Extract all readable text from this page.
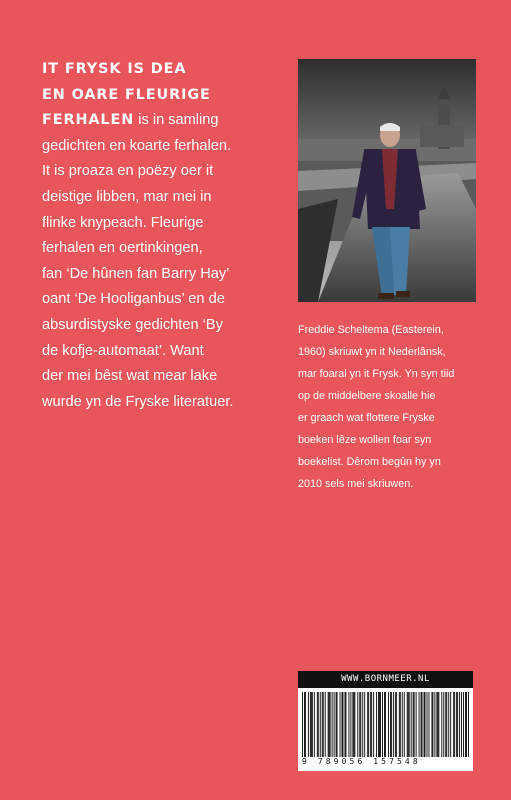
IT FRYSK IS DEA
EN OARE FLEURIGE
FERHALEN is in samling
gedichten en koarte ferhalen.
It is proaza en poëzy oer it
deistige libben, mar mei in
flinke knypeach. Fleurige
ferhalen en oertinkingen,
fan ‘De hûnen fan Barry Hay’
oant ‘De Hooliganbus’ en de
absurdistyske gedichten ‘By
de kofje-automaat’. Want
der mei bêst wat mear lake
wurde yn de Fryske literatuer.
Freddie Scheltema (Easterein,
1960) skriuwt yn it Nederlânsk,
mar foaral yn it Frysk. Yn syn tiid
op de middelbere skoalle hie
er graach wat flottere Fryske
boeken lêze wollen foar syn
boekelist. Dêrom begûn hy yn
2010 sels mei skriuwen.
WWW.BORNMEER.NL
9 789056 157548
